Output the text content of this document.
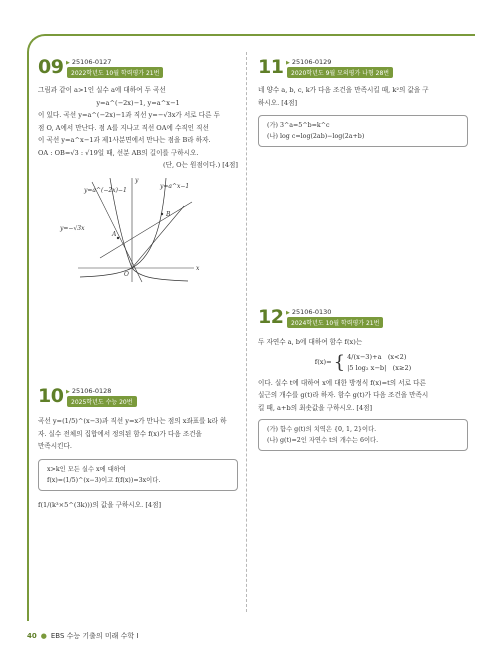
09 ▶ 25106-0127
2022학년도 10월 학력평가 21번

그림과 같이 a>1인 실수 a에 대하여 두 곡선

y=a^(−2x)−1, y=a^x−1

이 있다. 곡선 y=a^(−2x)−1과 직선 y=−√3x가 서로 다른 두

점 O, A에서 만난다. 점 A를 지나고 직선 OA에 수직인 직선

이 곡선 y=a^x−1과 제1사분면에서 만나는 점을 B라 하자.

OA : OB=√3 : √19일 때, 선분 AB의 길이를 구하시오.

(단, O는 원점이다.) [4점]

y=a^(−2x)−1
y=a^x−1
y=−√3x
A
B
O
x
y
10 ▶ 25106-0128
2025학년도 수능 20번

곡선 y=(1/5)^(x−3)과 직선 y=x가 만나는 점의 x좌표를 k라 하

자. 실수 전체의 집합에서 정의된 함수 f(x)가 다음 조건을

만족시킨다.

x>k인 모든 실수 x에 대하여
f(x)=(1/5)^(x−3)이고 f(f(x))=3x이다.

f(1/(k³×5^(3k)))의 값을 구하시오. [4점]

11 ▶ 25106-0129
2020학년도 9월 모의평가 나형 28번

네 양수 a, b, c, k가 다음 조건을 만족시킬 때, k²의 값을 구

하시오. [4점]

(가) 3^a=5^b=k^c
(나) log c=log(2ab)−log(2a+b)
12 ▶ 25106-0130
2024학년도 10월 학력평가 21번

두 자연수 a, b에 대하여 함수 f(x)는

f(x)= { 4/(x−3)+a (x<2)
|5 log₂ x−b| (x≥2)

이다. 실수 t에 대하여 x에 대한 방정식 f(x)=t의 서로 다른

실근의 개수를 g(t)라 하자. 함수 g(t)가 다음 조건을 만족시

킬 때, a+b의 최솟값을 구하시오. [4점]

(가) 함수 g(t)의 치역은 {0, 1, 2}이다.
(나) g(t)=2인 자연수 t의 개수는 6이다.
40 ● EBS 수능 기출의 미래 수학 Ⅰ
